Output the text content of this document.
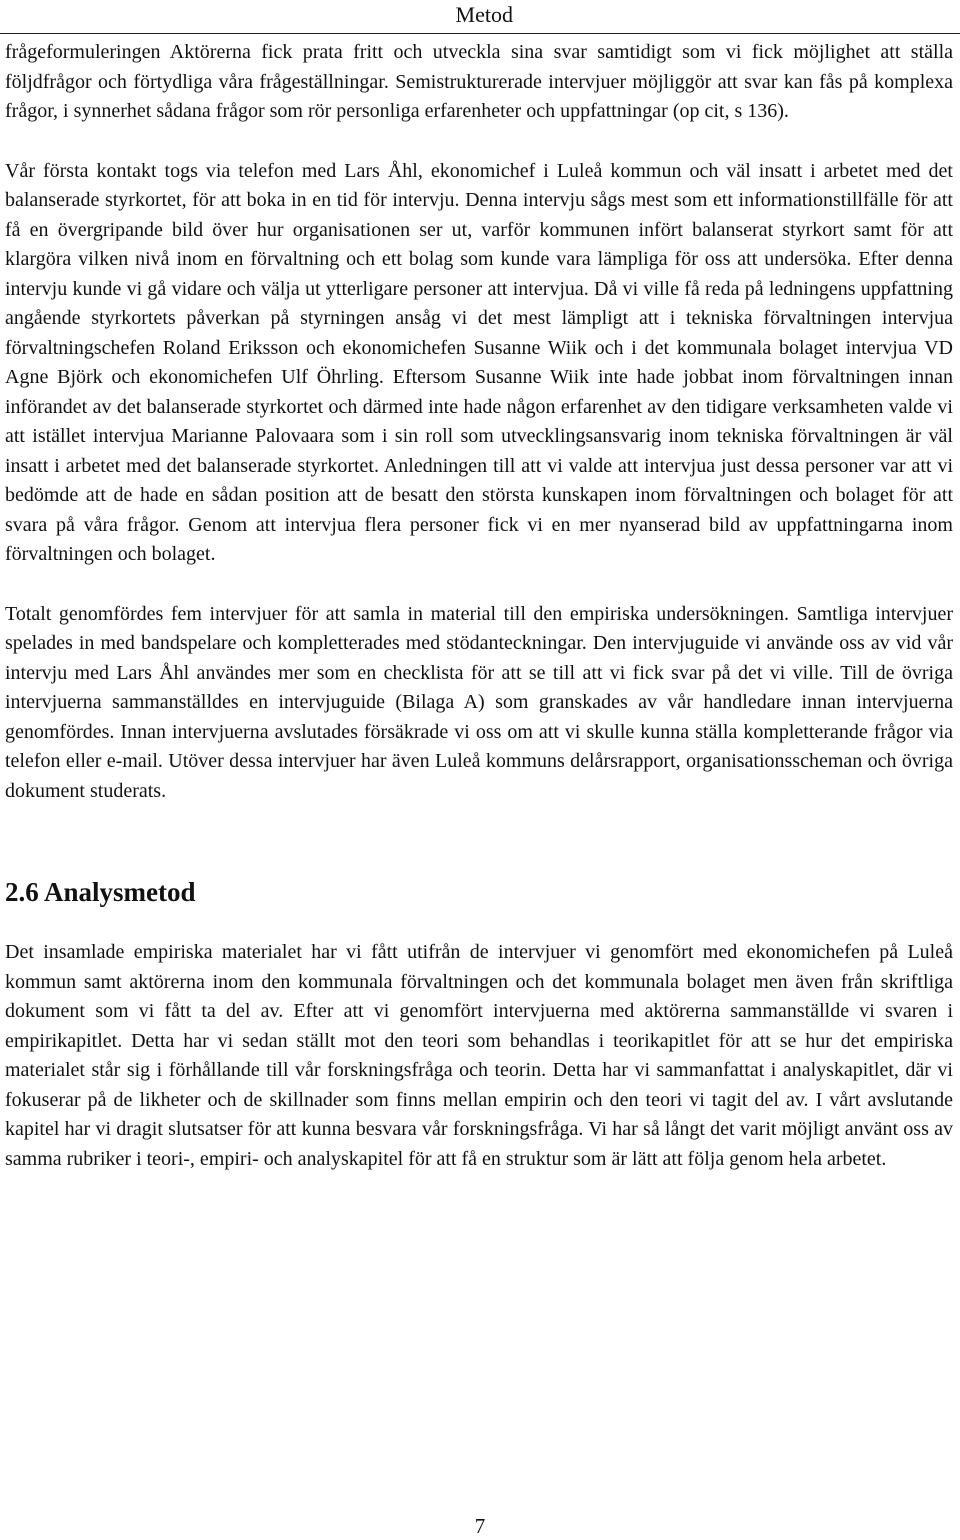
Metod

frågeformuleringen Aktörerna fick prata fritt och utveckla sina svar samtidigt som vi fick möjlighet att ställa följdfrågor och förtydliga våra frågeställningar. Semistrukturerade intervjuer möjliggör att svar kan fås på komplexa frågor, i synnerhet sådana frågor som rör personliga erfarenheter och uppfattningar (op cit, s 136).

Vår första kontakt togs via telefon med Lars Åhl, ekonomichef i Luleå kommun och väl insatt i arbetet med det balanserade styrkortet, för att boka in en tid för intervju. Denna intervju sågs mest som ett informationstillfälle för att få en övergripande bild över hur organisationen ser ut, varför kommunen infört balanserat styrkort samt för att klargöra vilken nivå inom en förvaltning och ett bolag som kunde vara lämpliga för oss att undersöka. Efter denna intervju kunde vi gå vidare och välja ut ytterligare personer att intervjua. Då vi ville få reda på ledningens uppfattning angående styrkortets påverkan på styrningen ansåg vi det mest lämpligt att i tekniska förvaltningen intervjua förvaltningschefen Roland Eriksson och ekonomichefen Susanne Wiik och i det kommunala bolaget intervjua VD Agne Björk och ekonomichefen Ulf Öhrling. Eftersom Susanne Wiik inte hade jobbat inom förvaltningen innan införandet av det balanserade styrkortet och därmed inte hade någon erfarenhet av den tidigare verksamheten valde vi att istället intervjua Marianne Palovaara som i sin roll som utvecklingsansvarig inom tekniska förvaltningen är väl insatt i arbetet med det balanserade styrkortet. Anledningen till att vi valde att intervjua just dessa personer var att vi bedömde att de hade en sådan position att de besatt den största kunskapen inom förvaltningen och bolaget för att svara på våra frågor. Genom att intervjua flera personer fick vi en mer nyanserad bild av uppfattningarna inom förvaltningen och bolaget.

Totalt genomfördes fem intervjuer för att samla in material till den empiriska undersökningen. Samtliga intervjuer spelades in med bandspelare och kompletterades med stödanteckningar. Den intervjuguide vi använde oss av vid vår intervju med Lars Åhl användes mer som en checklista för att se till att vi fick svar på det vi ville. Till de övriga intervjuerna sammanställdes en intervjuguide (Bilaga A) som granskades av vår handledare innan intervjuerna genomfördes. Innan intervjuerna avslutades försäkrade vi oss om att vi skulle kunna ställa kompletterande frågor via telefon eller e-mail. Utöver dessa intervjuer har även Luleå kommuns delårsrapport, organisationsscheman och övriga dokument studerats.

2.6 Analysmetod

Det insamlade empiriska materialet har vi fått utifrån de intervjuer vi genomfört med ekonomichefen på Luleå kommun samt aktörerna inom den kommunala förvaltningen och det kommunala bolaget men även från skriftliga dokument som vi fått ta del av. Efter att vi genomfört intervjuerna med aktörerna sammanställde vi svaren i empirikapitlet. Detta har vi sedan ställt mot den teori som behandlas i teorikapitlet för att se hur det empiriska materialet står sig i förhållande till vår forskningsfråga och teorin. Detta har vi sammanfattat i analyskapitlet, där vi fokuserar på de likheter och de skillnader som finns mellan empirin och den teori vi tagit del av. I vårt avslutande kapitel har vi dragit slutsatser för att kunna besvara vår forskningsfråga. Vi har så långt det varit möjligt använt oss av samma rubriker i teori-, empiri- och analyskapitel för att få en struktur som är lätt att följa genom hela arbetet.

7
